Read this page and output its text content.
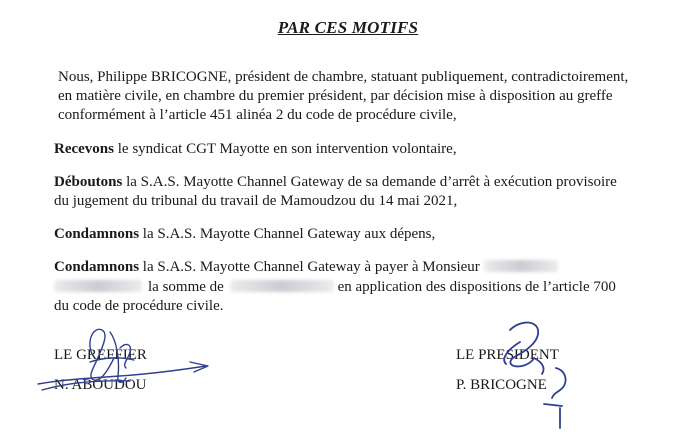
PAR CES MOTIFS

Nous, Philippe BRICOGNE, président de chambre, statuant publiquement, contradictoirement,
en matière civile, en chambre du premier président, par décision mise à disposition au greffe
conformément à l’article 451 alinéa 2 du code de procédure civile,

Recevons le syndicat CGT Mayotte en son intervention volontaire,

Déboutons la S.A.S. Mayotte Channel Gateway de sa demande d’arrêt à exécution provisoire
du jugement du tribunal du travail de Mamoudzou du 14 mai 2021,

Condamnons la S.A.S. Mayotte Channel Gateway aux dépens,

Condamnons la S.A.S. Mayotte Channel Gateway à payer à Monsieur
la somme de	en application des dispositions de l’article 700
du code de procédure civile.

LE GREFFIER
N. ABOUDOU
LE PRESIDENT
P. BRICOGNE
